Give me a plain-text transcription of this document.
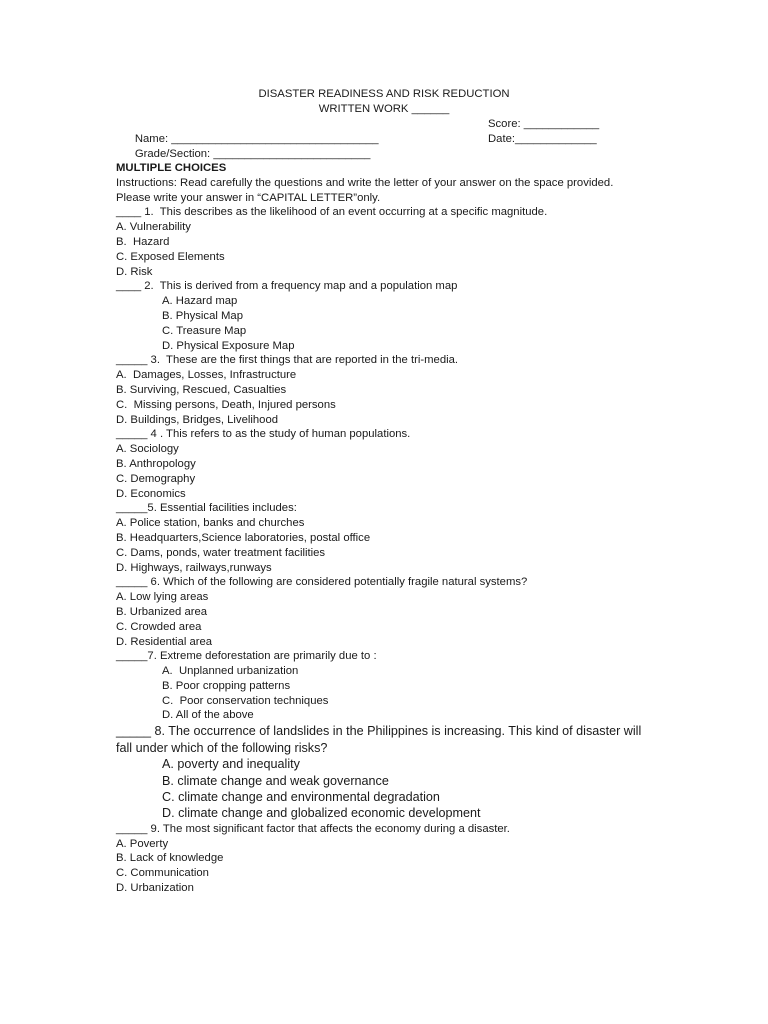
DISASTER READINESS AND RISK REDUCTION
WRITTEN WORK ______

Name: _________________________________

Score: ____________

Grade/Section: _________________________

Date:_____________

MULTIPLE CHOICES
Instructions: Read carefully the questions and write the letter of your answer on the space provided.
Please write your answer in “CAPITAL LETTER”only.
____ 1.  This describes as the likelihood of an event occurring at a specific magnitude.
A. Vulnerability
B.  Hazard
C. Exposed Elements
D. Risk
____ 2.  This is derived from a frequency map and a population map
A. Hazard map
B. Physical Map
C. Treasure Map
D. Physical Exposure Map
_____ 3.  These are the first things that are reported in the tri-media.
A.  Damages, Losses, Infrastructure
B. Surviving, Rescued, Casualties
C.  Missing persons, Death, Injured persons
D. Buildings, Bridges, Livelihood
_____ 4 . This refers to as the study of human populations.
A. Sociology
B. Anthropology
C. Demography
D. Economics
_____5. Essential facilities includes:
A. Police station, banks and churches
B. Headquarters,Science laboratories, postal office
C. Dams, ponds, water treatment facilities
D. Highways, railways,runways
_____ 6. Which of the following are considered potentially fragile natural systems?
A. Low lying areas
B. Urbanized area
C. Crowded area
D. Residential area
_____7. Extreme deforestation are primarily due to :
A.  Unplanned urbanization
B. Poor cropping patterns
C.  Poor conservation techniques
D. All of the above
_____ 8. The occurrence of landslides in the Philippines is increasing. This kind of disaster will fall under which of the following risks?
A. poverty and inequality
B. climate change and weak governance
C. climate change and environmental degradation
D. climate change and globalized economic development
_____ 9. The most significant factor that affects the economy during a disaster.
A. Poverty
B. Lack of knowledge
C. Communication
D. Urbanization
